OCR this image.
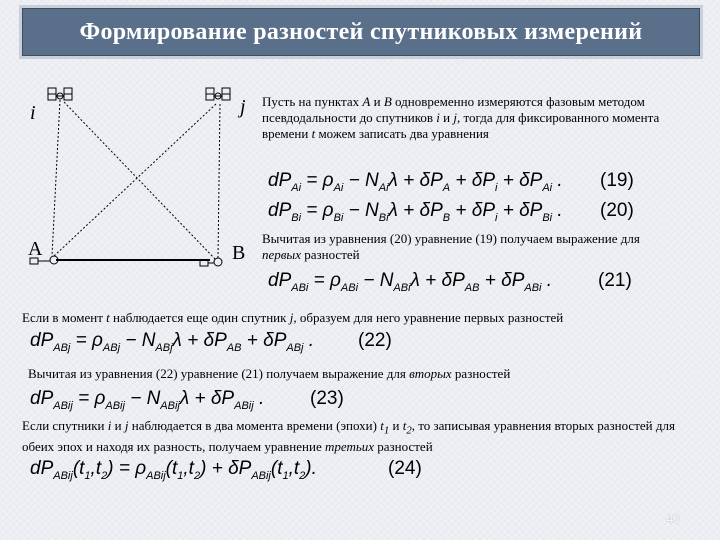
Формирование разностей спутниковых измерений
i	j
A	B
Пусть на пунктах A и B одновременно измеряются фазовым методом псевдодальности до спутников i и j, тогда для фиксированного момента времени t можем записать два уравнения
$dP_{Ai} = \rho_{Ai} - N_{Ai}\lambda + \delta P_A + \delta P_i + \delta P_{Ai}$ . (19)
$dP_{Bi} = \rho_{Bi} - N_{Bi}\lambda + \delta P_B + \delta P_i + \delta P_{Bi}$ . (20)
Вычитая из уравнения (20) уравнение (19) получаем выражение для первых разностей
$dP_{ABi} = \rho_{ABi} - N_{ABi}\lambda + \delta P_{AB} + \delta P_{ABi}$ . (21)
Если в момент t наблюдается еще один спутник j, образуем для него уравнение первых разностей
$dP_{ABj} = \rho_{ABj} - N_{ABj}\lambda + \delta P_{AB} + \delta P_{ABj}$ . (22)
Вычитая из уравнения (22) уравнение (21) получаем выражение для вторых разностей
$dP_{ABij} = \rho_{ABij} - N_{ABij}\lambda + \delta P_{ABij}$ . (23)
Если спутники i и j наблюдается в два момента времени (эпохи) $t_1$ и $t_2$, то записывая уравнения вторых разностей для обеих эпох и находя их разность, получаем уравнение третьих разностей
$dP_{ABij}(t_1,t_2) = \rho_{ABij}(t_1,t_2) + \delta P_{ABij}(t_1,t_2)$.	(24)
43
